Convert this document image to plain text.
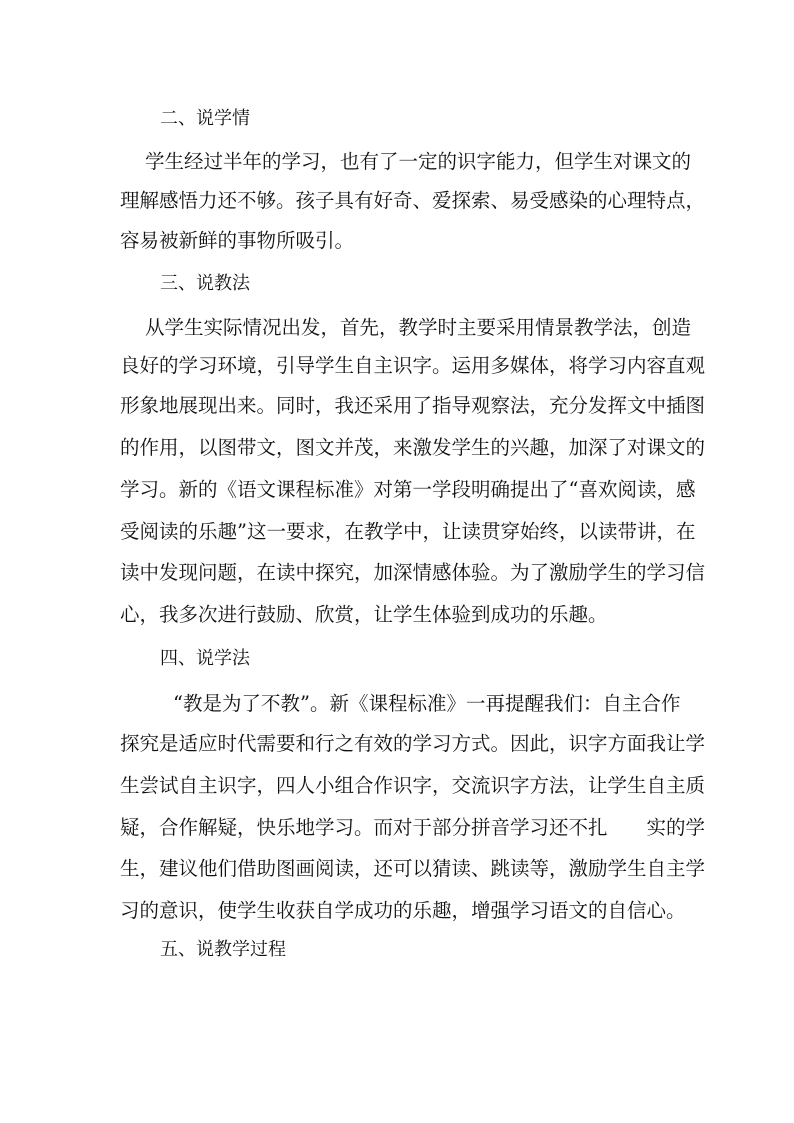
二、说学情
学生经过半年的学习，也有了一定的识字能力，但学生对课文的
理解感悟力还不够。孩子具有好奇、爱探索、易受感染的心理特点，
容易被新鲜的事物所吸引。
三、说教法
从学生实际情况出发，首先，教学时主要采用情景教学法，创造
良好的学习环境，引导学生自主识字。运用多媒体，将学习内容直观
形象地展现出来。同时，我还采用了指导观察法，充分发挥文中插图
的作用，以图带文，图文并茂，来激发学生的兴趣，加深了对课文的
学习。新的《语文课程标准》对第一学段明确提出了“喜欢阅读，感
受阅读的乐趣”这一要求，在教学中，让读贯穿始终，以读带讲，在
读中发现问题，在读中探究，加深情感体验。为了激励学生的学习信
心，我多次进行鼓励、欣赏，让学生体验到成功的乐趣。
四、说学法
“教是为了不教”。新《课程标准》一再提醒我们：自主合作
探究是适应时代需要和行之有效的学习方式。因此，识字方面我让学
生尝试自主识字，四人小组合作识字，交流识字方法，让学生自主质
疑，合作解疑，快乐地学习。而对于部分拼音学习还不扎　　实的学
生，建议他们借助图画阅读，还可以猜读、跳读等，激励学生自主学
习的意识，使学生收获自学成功的乐趣，增强学习语文的自信心。
五、说教学过程
